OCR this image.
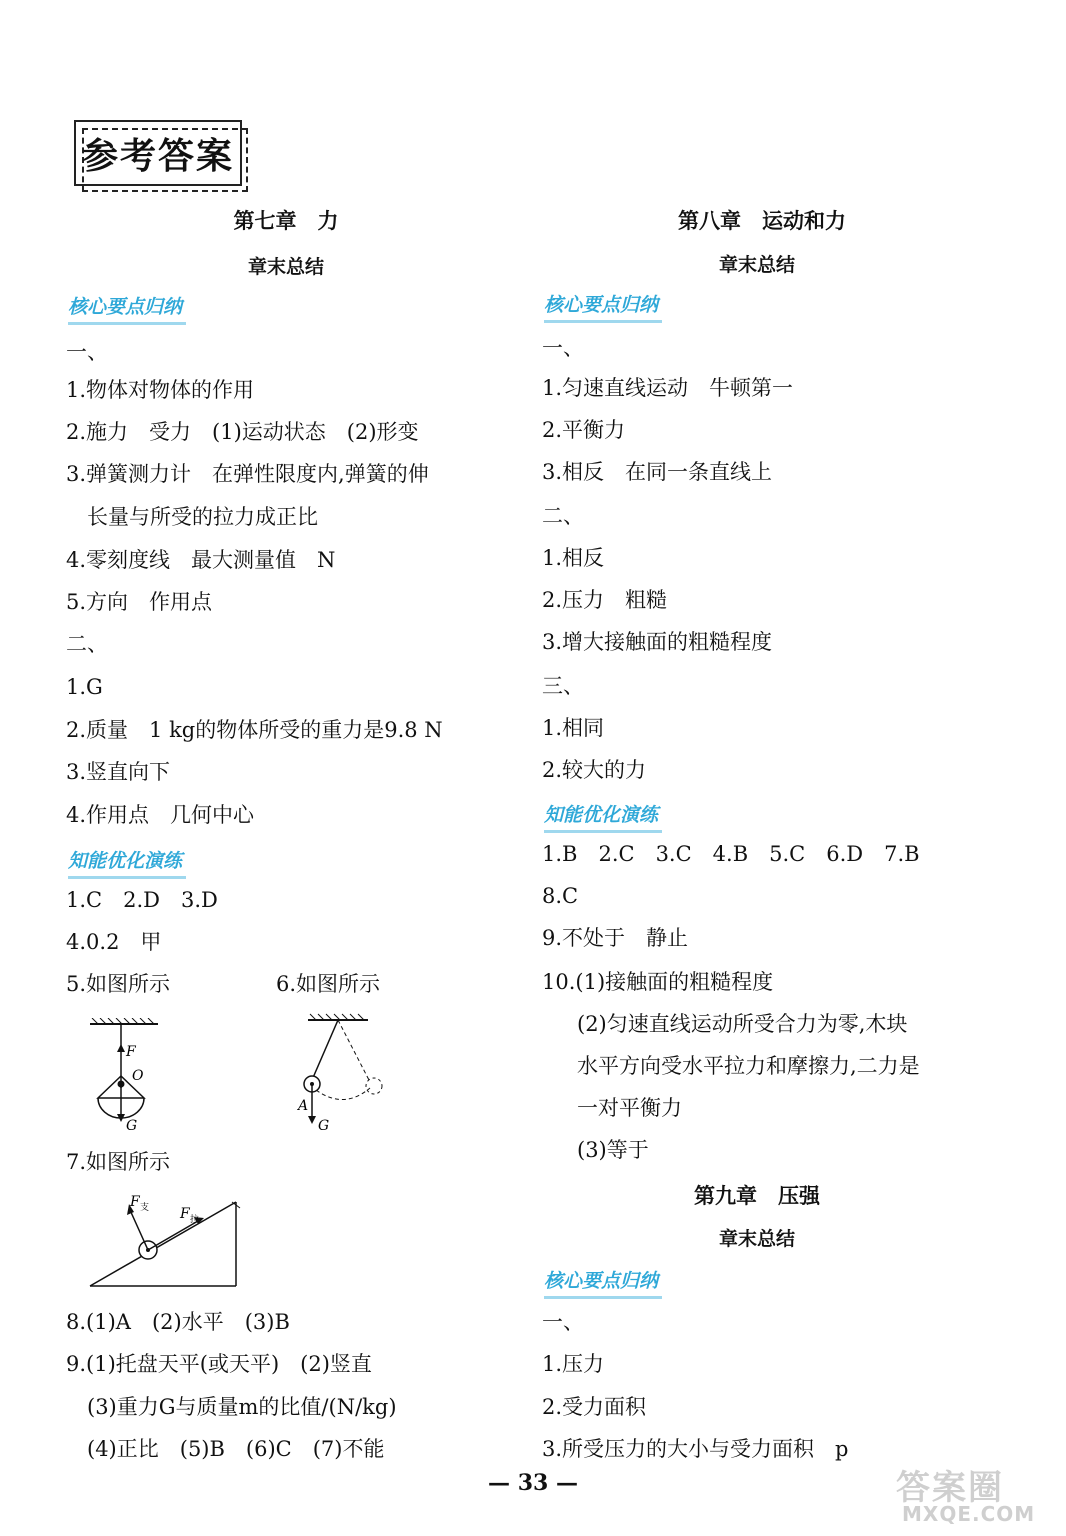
参考答案
第七章　力
章末总结
核心要点归纳
一、
1.物体对物体的作用
2.施力　受力　(1)运动状态　(2)形变
3.弹簧测力计　在弹性限度内,弹簧的伸
　长量与所受的拉力成正比
4.零刻度线　最大测量值　N
5.方向　作用点
二、
1.G
2.质量　1 kg的物体所受的重力是9.8 N
3.竖直向下
4.作用点　几何中心
知能优化演练
1.C　2.D　3.D
4.0.2　甲
5.如图所示	6.如图所示
F
O
G
A
G
7.如图所示
F 支 F 拉
8.(1)A　(2)水平　(3)B
9.(1)托盘天平(或天平)　(2)竖直
　(3)重力G与质量m的比值/(N/kg)
　(4)正比　(5)B　(6)C　(7)不能
第八章　运动和力
章末总结
核心要点归纳
一、
1.匀速直线运动　牛顿第一
2.平衡力
3.相反　在同一条直线上
二、
1.相反
2.压力　粗糙
3.增大接触面的粗糙程度
三、
1.相同
2.较大的力
知能优化演练
1.B　2.C　3.C　4.B　5.C　6.D　7.B
8.C
9.不处于　静止
10.(1)接触面的粗糙程度
　(2)匀速直线运动所受合力为零,木块
　水平方向受水平拉力和摩擦力,二力是
　一对平衡力
　(3)等于
第九章　压强
章末总结
核心要点归纳
一、
1.压力
2.受力面积
3.所受压力的大小与受力面积　p
— 33 —	答案圈
MXQE.COM
